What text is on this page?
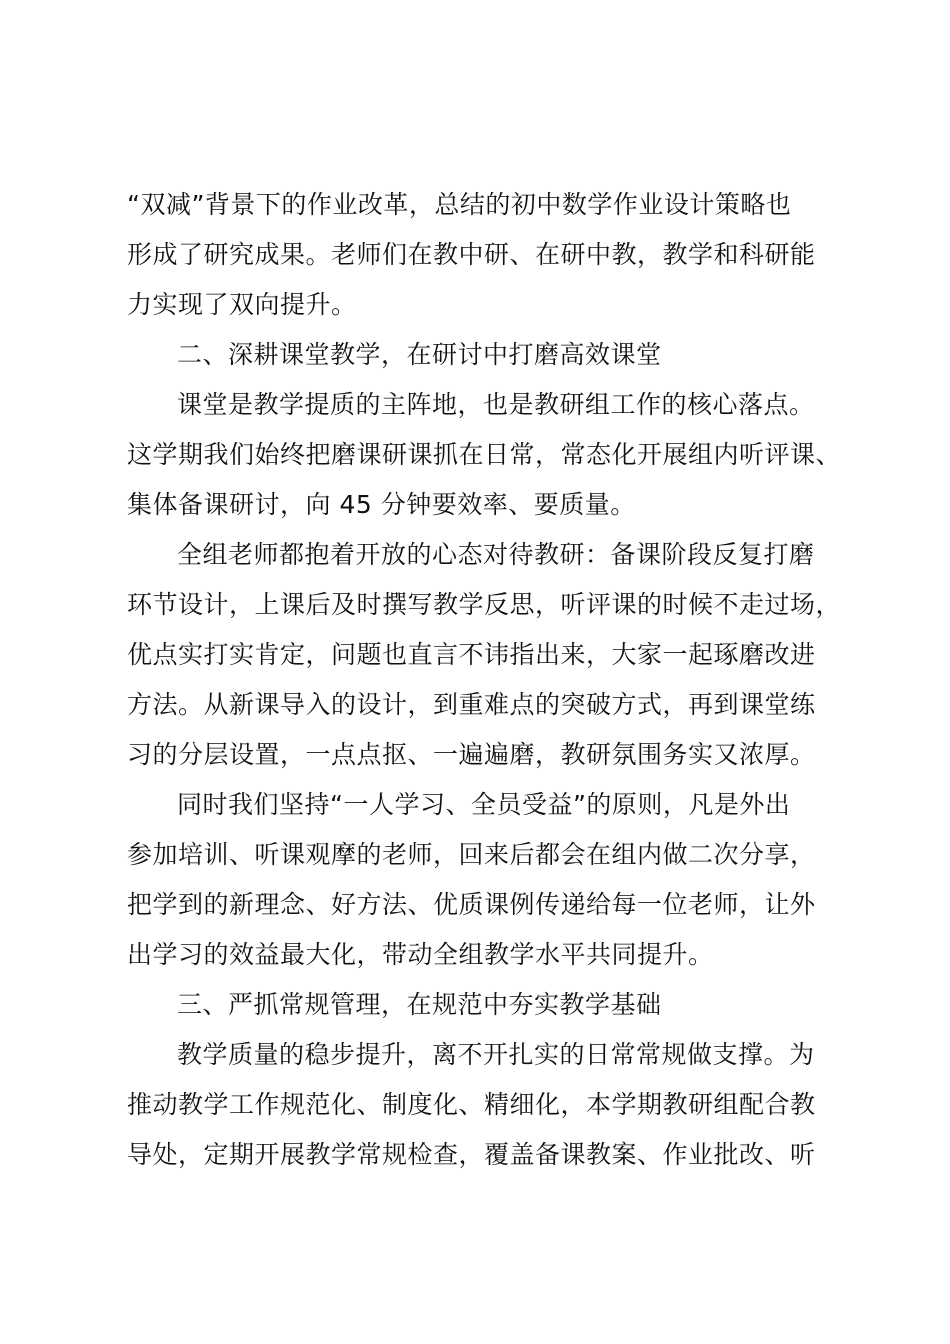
“双减”背景下的作业改革，总结的初中数学作业设计策略也
形成了研究成果。老师们在教中研、在研中教，教学和科研能
力实现了双向提升。
二、深耕课堂教学，在研讨中打磨高效课堂
课堂是教学提质的主阵地，也是教研组工作的核心落点。
这学期我们始终把磨课研课抓在日常，常态化开展组内听评课、
集体备课研讨，向 45 分钟要效率、要质量。
全组老师都抱着开放的心态对待教研：备课阶段反复打磨
环节设计，上课后及时撰写教学反思，听评课的时候不走过场，
优点实打实肯定，问题也直言不讳指出来，大家一起琢磨改进
方法。从新课导入的设计，到重难点的突破方式，再到课堂练
习的分层设置，一点点抠、一遍遍磨，教研氛围务实又浓厚。
同时我们坚持“一人学习、全员受益”的原则，凡是外出
参加培训、听课观摩的老师，回来后都会在组内做二次分享，
把学到的新理念、好方法、优质课例传递给每一位老师，让外
出学习的效益最大化，带动全组教学水平共同提升。
三、严抓常规管理，在规范中夯实教学基础
教学质量的稳步提升，离不开扎实的日常常规做支撑。为
推动教学工作规范化、制度化、精细化，本学期教研组配合教
导处，定期开展教学常规检查，覆盖备课教案、作业批改、听
